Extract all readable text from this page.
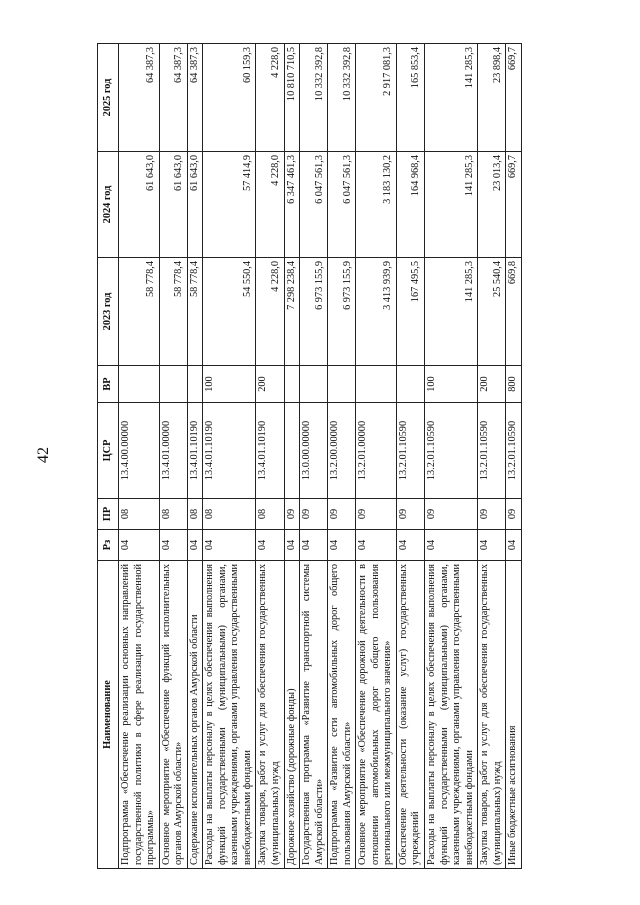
42
Наименование	Рз	ПР	ЦСР	ВР	2023 год	2024 год	2025 год
Подпрограмма «Обеспечение реализации основных направлений государственной политики в сфере реализации государственной программы»	04	08	13.4.00.00000		58 778,4	61 643,0	64 387,3
Основное мероприятие «Обеспечение функций исполнительных органов Амурской области»	04	08	13.4.01.00000		58 778,4	61 643,0	64 387,3
Содержание исполнительных органов Амурской области	04	08	13.4.01.10190		58 778,4	61 643,0	64 387,3
Расходы на выплаты персоналу в целях обеспечения выполнения функций государственными (муниципальными) органами, казенными учреждениями, органами управления государственными внебюджетными фондами	04	08	13.4.01.10190	100	54 550,4	57 414,9	60 159,3
Закупка товаров, работ и услуг для обеспечения государственных (муниципальных) нужд	04	08	13.4.01.10190	200	4 228,0	4 228,0	4 228,0
Дорожное хозяйство (дорожные фонды)	04	09			7 298 238,4	6 347 461,3	10 810 710,5
Государственная программа «Развитие транспортной системы Амурской области»	04	09	13.0.00.00000		6 973 155,9	6 047 561,3	10 332 392,8
Подпрограмма «Развитие сети автомобильных дорог общего пользования Амурской области»	04	09	13.2.00.00000		6 973 155,9	6 047 561,3	10 332 392,8
Основное мероприятие «Обеспечение дорожной деятельности в отношении автомобильных дорог общего пользования регионального или межмуниципального значения»	04	09	13.2.01.00000		3 413 939,9	3 183 130,2	2 917 081,3
Обеспечение деятельности (оказание услуг) государственных учреждений	04	09	13.2.01.10590		167 495,5	164 968,4	165 853,4
Расходы на выплаты персоналу в целях обеспечения выполнения функций государственными (муниципальными) органами, казенными учреждениями, органами управления государственными внебюджетными фондами	04	09	13.2.01.10590	100	141 285,3	141 285,3	141 285,3
Закупка товаров, работ и услуг для обеспечения государственных (муниципальных) нужд	04	09	13.2.01.10590	200	25 540,4	23 013,4	23 898,4
Иные бюджетные ассигнования	04	09	13.2.01.10590	800	669,8	669,7	669,7
